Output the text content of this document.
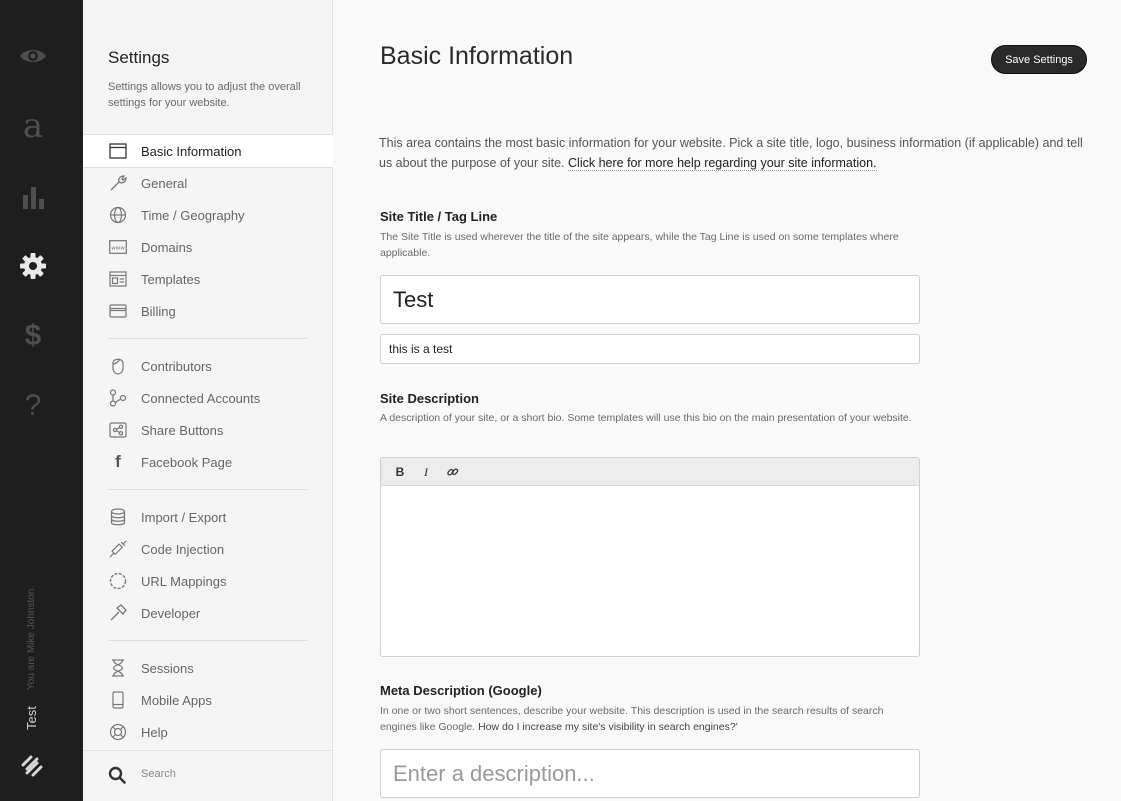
a
$
?
You are Mike Johnston.
Test
Settings
Settings allows you to adjust the overall settings for your website.
Basic Information
General
Time / Geography
www Domains
Templates
Billing
Contributors
Connected Accounts
Share Buttons
f Facebook Page
Import / Export
Code Injection
URL Mappings
Developer
Sessions
Mobile Apps
Help
Search
Basic Information	Save Settings

This area contains the most basic information for your website. Pick a site title, logo, business information (if applicable) and tell us about the purpose of your site. Click here for more help regarding your site information.

Site Title / Tag Line
The Site Title is used wherever the title of the site appears, while the Tag Line is used on some templates where applicable.
Test
this is a test
Site Description
A description of your site, or a short bio. Some templates will use this bio on the main presentation of your website.
B	I
Meta Description (Google)
In one or two short sentences, describe your website. This description is used in the search results of search engines like Google. How do I increase my site's visibility in search engines?'
Enter a description...
